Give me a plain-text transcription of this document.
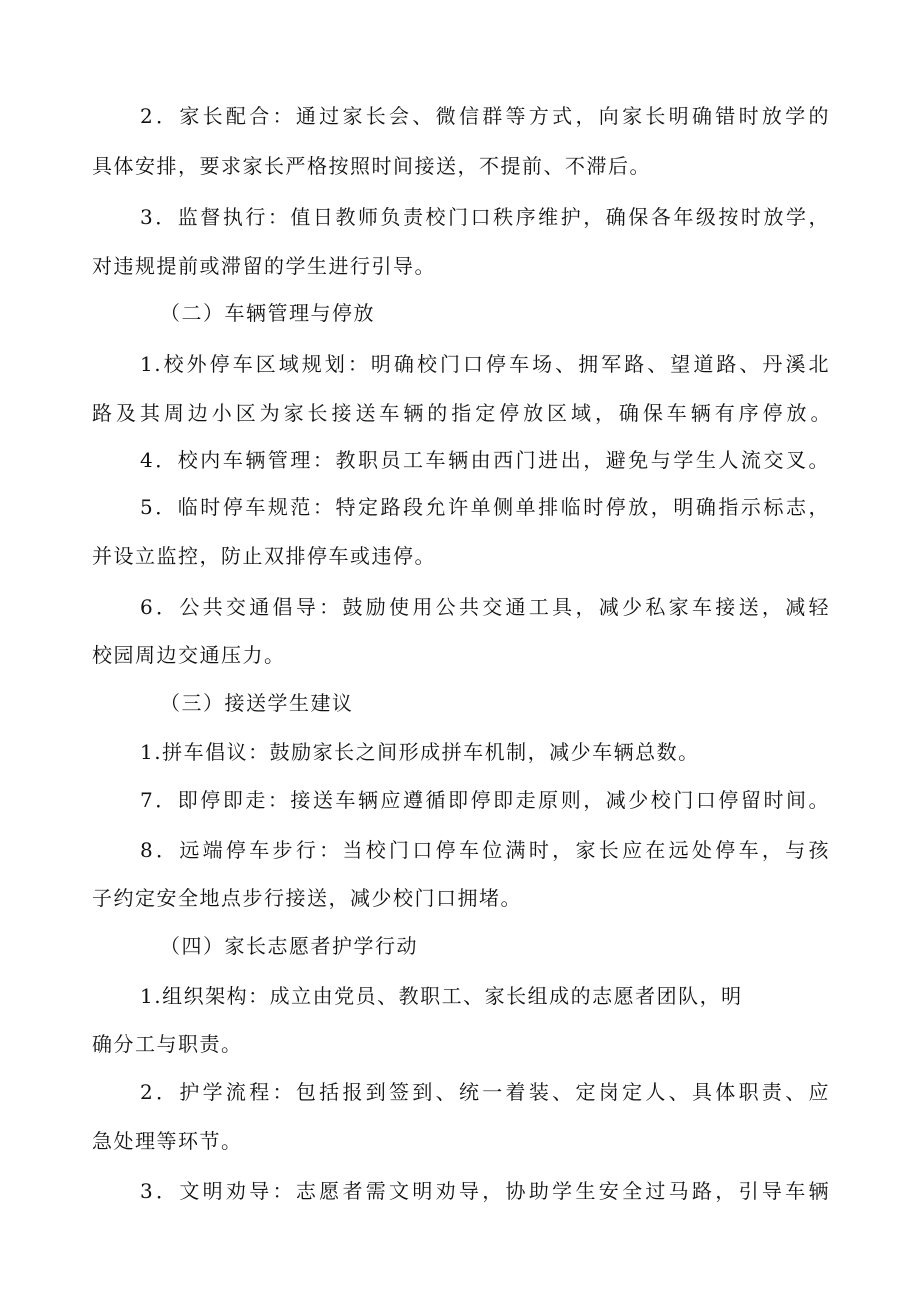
2．家长配合：通过家长会、微信群等方式，向家长明确错时放学的
具体安排，要求家长严格按照时间接送，不提前、不滞后。
3．监督执行：值日教师负责校门口秩序维护，确保各年级按时放学，
对违规提前或滞留的学生进行引导。
（二）车辆管理与停放
1.校外停车区域规划：明确校门口停车场、拥军路、望道路、丹溪北
路及其周边小区为家长接送车辆的指定停放区域，确保车辆有序停放。
4．校内车辆管理：教职员工车辆由西门进出，避免与学生人流交叉。
5．临时停车规范：特定路段允许单侧单排临时停放，明确指示标志，
并设立监控，防止双排停车或违停。
6．公共交通倡导：鼓励使用公共交通工具，减少私家车接送，减轻
校园周边交通压力。
（三）接送学生建议
1.拼车倡议：鼓励家长之间形成拼车机制，减少车辆总数。
7．即停即走：接送车辆应遵循即停即走原则，减少校门口停留时间。
8．远端停车步行：当校门口停车位满时，家长应在远处停车，与孩
子约定安全地点步行接送，减少校门口拥堵。
（四）家长志愿者护学行动
1.组织架构：成立由党员、教职工、家长组成的志愿者团队，明
确分工与职责。
2．护学流程：包括报到签到、统一着装、定岗定人、具体职责、应
急处理等环节。
3．文明劝导：志愿者需文明劝导，协助学生安全过马路，引导车辆
